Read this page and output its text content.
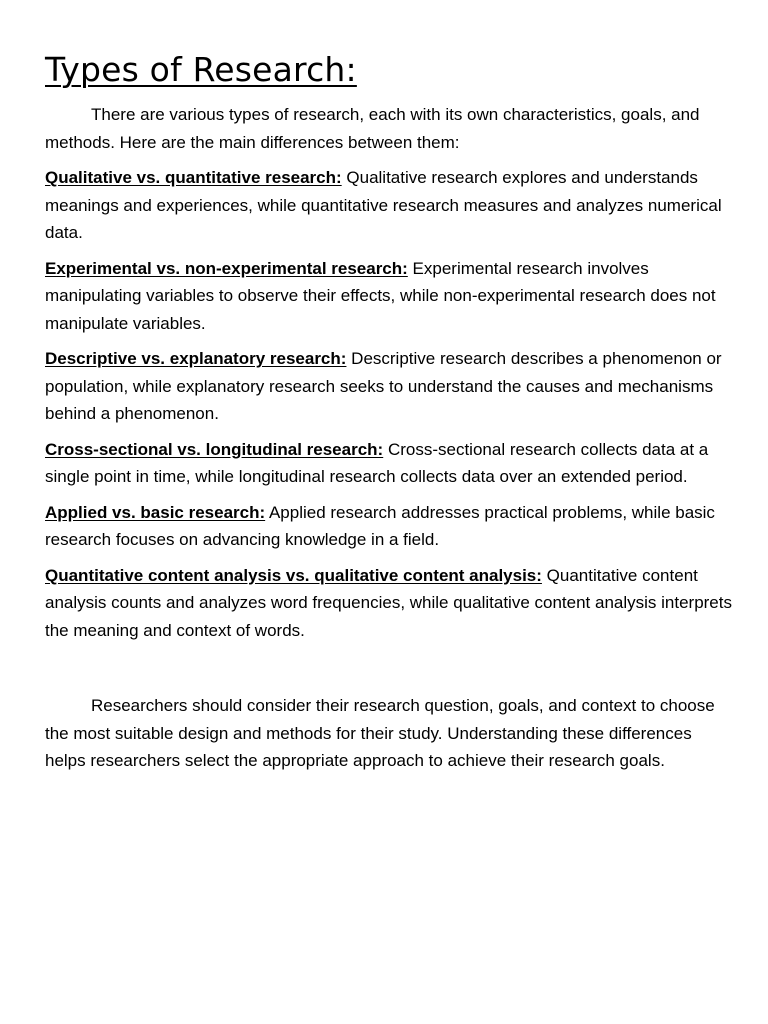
Types of Research:

There are various types of research, each with its own characteristics, goals, and methods. Here are the main differences between them:

Qualitative vs. quantitative research: Qualitative research explores and understands meanings and experiences, while quantitative research measures and analyzes numerical data.

Experimental vs. non-experimental research: Experimental research involves manipulating variables to observe their effects, while non-experimental research does not manipulate variables.

Descriptive vs. explanatory research: Descriptive research describes a phenomenon or population, while explanatory research seeks to understand the causes and mechanisms behind a phenomenon.

Cross-sectional vs. longitudinal research: Cross-sectional research collects data at a single point in time, while longitudinal research collects data over an extended period.

Applied vs. basic research: Applied research addresses practical problems, while basic research focuses on advancing knowledge in a field.

Quantitative content analysis vs. qualitative content analysis: Quantitative content analysis counts and analyzes word frequencies, while qualitative content analysis interprets the meaning and context of words.

Researchers should consider their research question, goals, and context to choose the most suitable design and methods for their study. Understanding these differences helps researchers select the appropriate approach to achieve their research goals.
